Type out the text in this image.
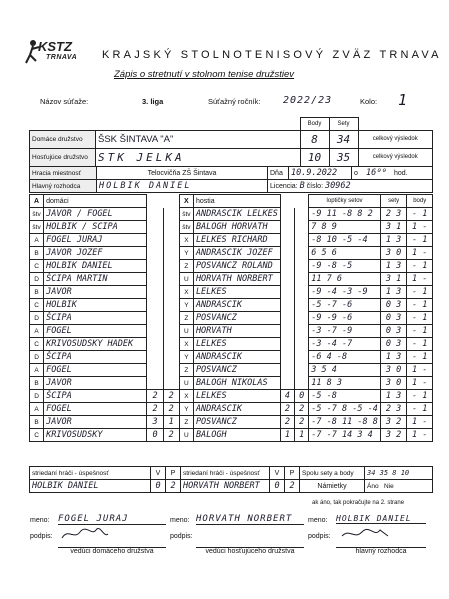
KSTZ
TRNAVA KRAJSKÝ STOLNOTENISOVÝ ZVÄZ TRNAVA
Zápis o stretnutí v stolnom tenise družstiev
Názov súťaže:	3. liga	Súťažný ročník: 2022/23	Kolo: 1
		Body	Sety	
Domáce družstvo	ŠSK ŠINTAVA "A"	8	34	celkový výsledok
Hosťujúce družstvo	STK JELKA	10	35	celkový výsledok
Hracia miestnosť	Telocvičňa ZŠ Šintava	Dňa	10.9.2022	o	16⁰⁰	hod.
Hlavný rozhodca	HOLBIK DANIEL	Licencia: B číslo: 30962				
A	domáci			X	hostia			loptičky setov	sety	body
štv	JAVOR / FOGEL			štv	ANDRASCIK LELKES			-9 11 -8 8 2	2 3	- 1
štv	HOLBIK / SCIPA			štv	BALOGH HORVATH			7 8 9	3 1	1 -
A	FOGEL JURAJ			X	LELKES RICHARD			-8 10 -5 -4	1 3	- 1
B	JAVOR JOZEF			Y	ANDRASCIK JOZEF			6 5 6	3 0	1 -
C	HOLBIK DANIEL			Z	POSVANCZ ROLAND			-9 -8 -5	1 3	- 1
D	ŠCIPA MARTIN			U	HORVATH NORBERT			11 7 6	3 1	1 -
B	JAVOR			X	LELKES			-9 -4 -3 -9	1 3	- 1
C	HOLBIK			Y	ANDRASCIK			-5 -7 -6	0 3	- 1
D	ŠCIPA			Z	POSVANCZ			-9 -9 -6	0 3	- 1
A	FOGEL			U	HORVATH			-3 -7 -9	0 3	- 1
C	KRIVOSUDSKY HADEK			X	LELKES			-3 -4 -7	0 3	- 1
D	ŠCIPA			Y	ANDRASCIK			-6 4 -8	1 3	- 1
A	FOGEL			Z	POSVANCZ			3 5 4	3 0	1 -
B	JAVOR			U	BALOGH NIKOLAS			11 8 3	3 0	1 -
D	ŠCIPA	2	2	X	LELKES	4	0	-5 -8	1 3	- 1
A	FOGEL	2	2	Y	ANDRASCIK	2	2	-5 -7 8 -5 -4	2 3	- 1
B	JAVOR	3	1	Z	POSVANCZ	2	2	-7 -8 11 -8 8	3 2	1 -
C	KRIVOSUDSKY	0	2	U	BALOGH	1	1	-7 -7 14 3 4	3 2	1 -
striedaní hráči - úspešnosť	V	P	striedaní hráči - úspešnosť	V	P	Spolu sety a body	34 35 8 10
HOLBIK DANIEL	0	2	HORVATH NORBERT	0	2	Námietky	Áno Nie
ak áno, tak pokračujte na 2. strane
meno: FOGEL JURAJ	meno: HORVATH NORBERT	meno: HOLBIK DANIEL
podpis:	podpis:	podpis:
vedúci domáceho družstva	vedúci hosťujúceho družstva	hlavný rozhodca
